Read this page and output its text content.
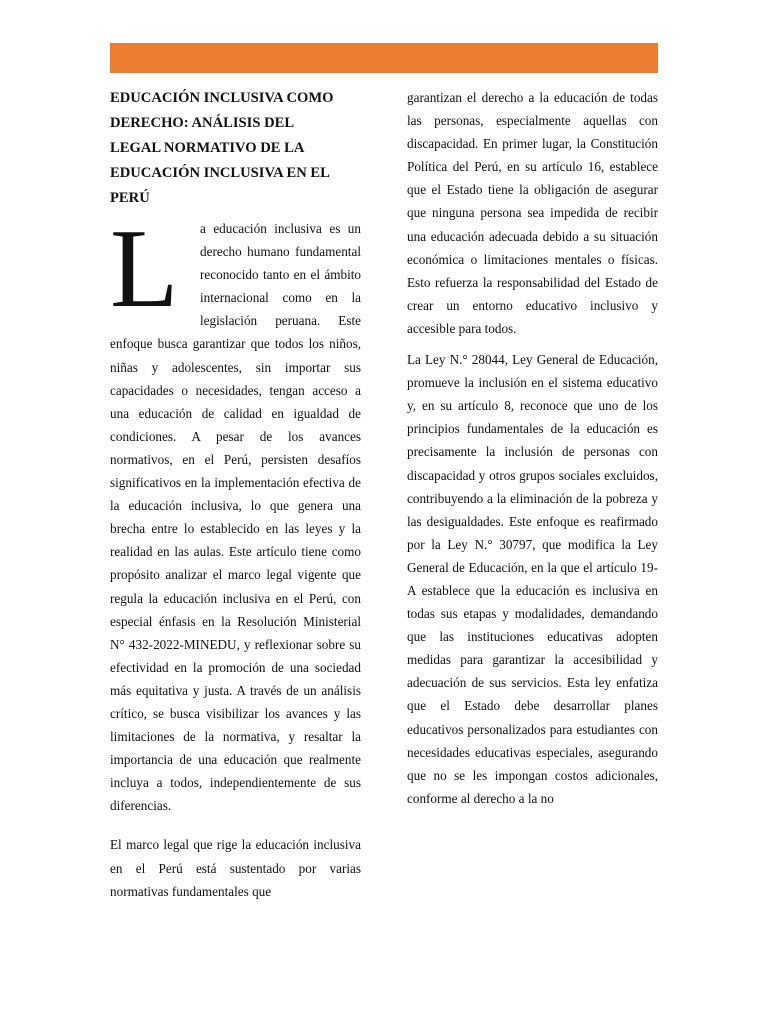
EDUCACIÓN INCLUSIVA COMO
DERECHO: ANÁLISIS DEL
LEGAL NORMATIVO DE LA
EDUCACIÓN INCLUSIVA EN EL
PERÚ

L	a educación inclusiva es un derecho humano fundamental reconocido tanto en el ámbito internacional como en la legislación peruana. Este enfoque busca garantizar que todos los niños, niñas y adolescentes, sin importar sus capacidades o necesidades, tengan acceso a una educación de calidad en igualdad de condiciones. A pesar de los avances normativos, en el Perú, persisten desafíos significativos en la implementación efectiva de la educación inclusiva, lo que genera una brecha entre lo establecido en las leyes y la realidad en las aulas. Este artículo tiene como propósito analizar el marco legal vigente que regula la educación inclusiva en el Perú, con especial énfasis en la Resolución Ministerial N° 432-2022-MINEDU, y reflexionar sobre su efectividad en la promoción de una sociedad más equitativa y justa. A través de un análisis crítico, se busca visibilizar los avances y las limitaciones de la normativa, y resaltar la importancia de una educación que realmente incluya a todos, independientemente de sus diferencias.

El marco legal que rige la educación inclusiva en el Perú está sustentado por varias normativas fundamentales que

garantizan el derecho a la educación de todas las personas, especialmente aquellas con discapacidad. En primer lugar, la Constitución Política del Perú, en su artículo 16, establece que el Estado tiene la obligación de asegurar que ninguna persona sea impedida de recibir una educación adecuada debido a su situación económica o limitaciones mentales o físicas. Esto refuerza la responsabilidad del Estado de crear un entorno educativo inclusivo y accesible para todos.

La Ley N.° 28044, Ley General de Educación, promueve la inclusión en el sistema educativo y, en su artículo 8, reconoce que uno de los principios fundamentales de la educación es precisamente la inclusión de personas con discapacidad y otros grupos sociales excluidos, contribuyendo a la eliminación de la pobreza y las desigualdades. Este enfoque es reafirmado por la Ley N.° 30797, que modifica la Ley General de Educación, en la que el artículo 19-A establece que la educación es inclusiva en todas sus etapas y modalidades, demandando que las instituciones educativas adopten medidas para garantizar la accesibilidad y adecuación de sus servicios. Esta ley enfatiza que el Estado debe desarrollar planes educativos personalizados para estudiantes con necesidades educativas especiales, asegurando que no se les impongan costos adicionales, conforme al derecho a la no
